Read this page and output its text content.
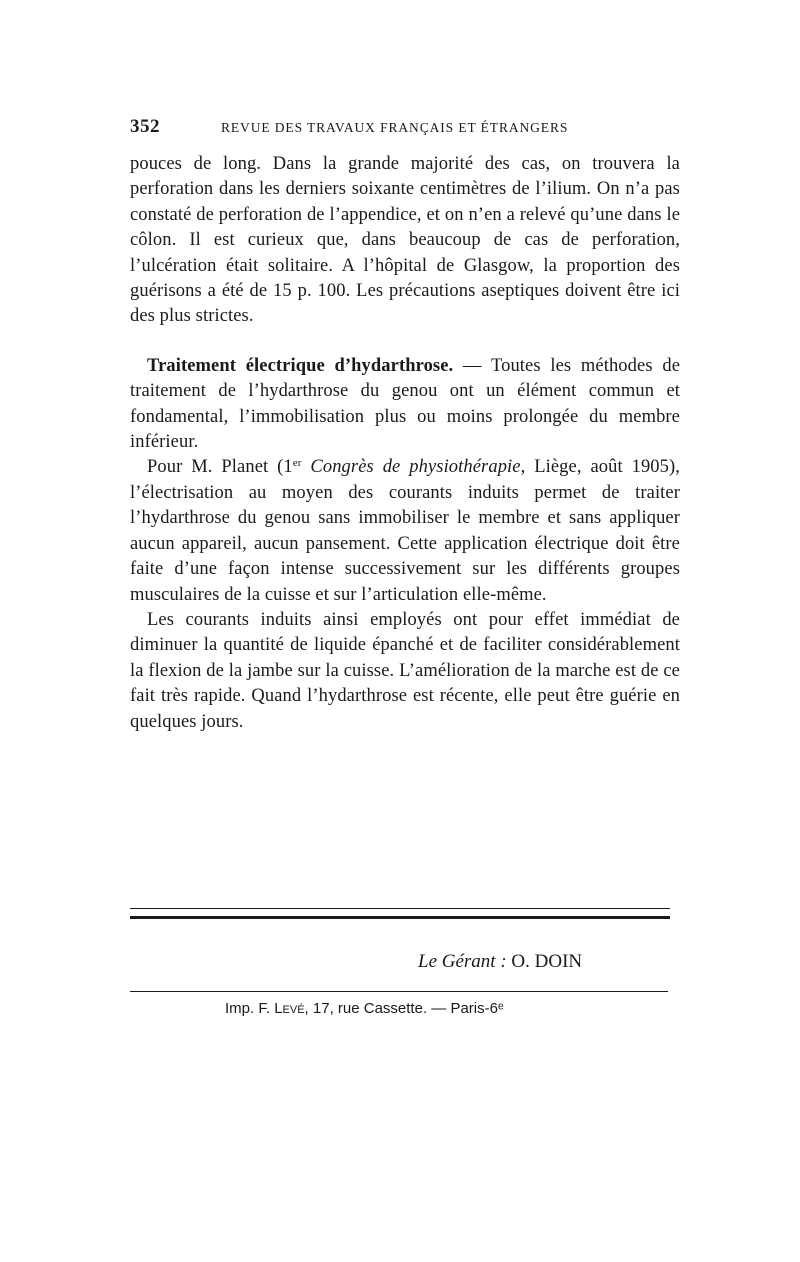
352	REVUE DES TRAVAUX FRANÇAIS ET ÉTRANGERS

pouces de long. Dans la grande majorité des cas, on trouvera la perforation dans les derniers soixante centimètres de l’ilium. On n’a pas constaté de perforation de l’appendice, et on n’en a relevé qu’une dans le côlon. Il est curieux que, dans beaucoup de cas de perforation, l’ulcération était solitaire. A l’hôpital de Glasgow, la proportion des guérisons a été de 15 p. 100. Les précautions aseptiques doivent être ici des plus strictes.

Traitement électrique d’hydarthrose. — Toutes les méthodes de traitement de l’hydarthrose du genou ont un élément commun et fondamental, l’immobilisation plus ou moins prolongée du membre inférieur.

Pour M. Planet (1er Congrès de physiothérapie, Liège, août 1905), l’électrisation au moyen des courants induits permet de traiter l’hydarthrose du genou sans immobiliser le membre et sans appliquer aucun appareil, aucun pansement. Cette application électrique doit être faite d’une façon intense successivement sur les différents groupes musculaires de la cuisse et sur l’articulation elle-même.

Les courants induits ainsi employés ont pour effet immédiat de diminuer la quantité de liquide épanché et de faciliter considérablement la flexion de la jambe sur la cuisse. L’amélioration de la marche est de ce fait très rapide. Quand l’hydarthrose est récente, elle peut être guérie en quelques jours.

Le Gérant : O. DOIN
Imp. F. Levé, 17, rue Cassette. — Paris-6ᵉ
